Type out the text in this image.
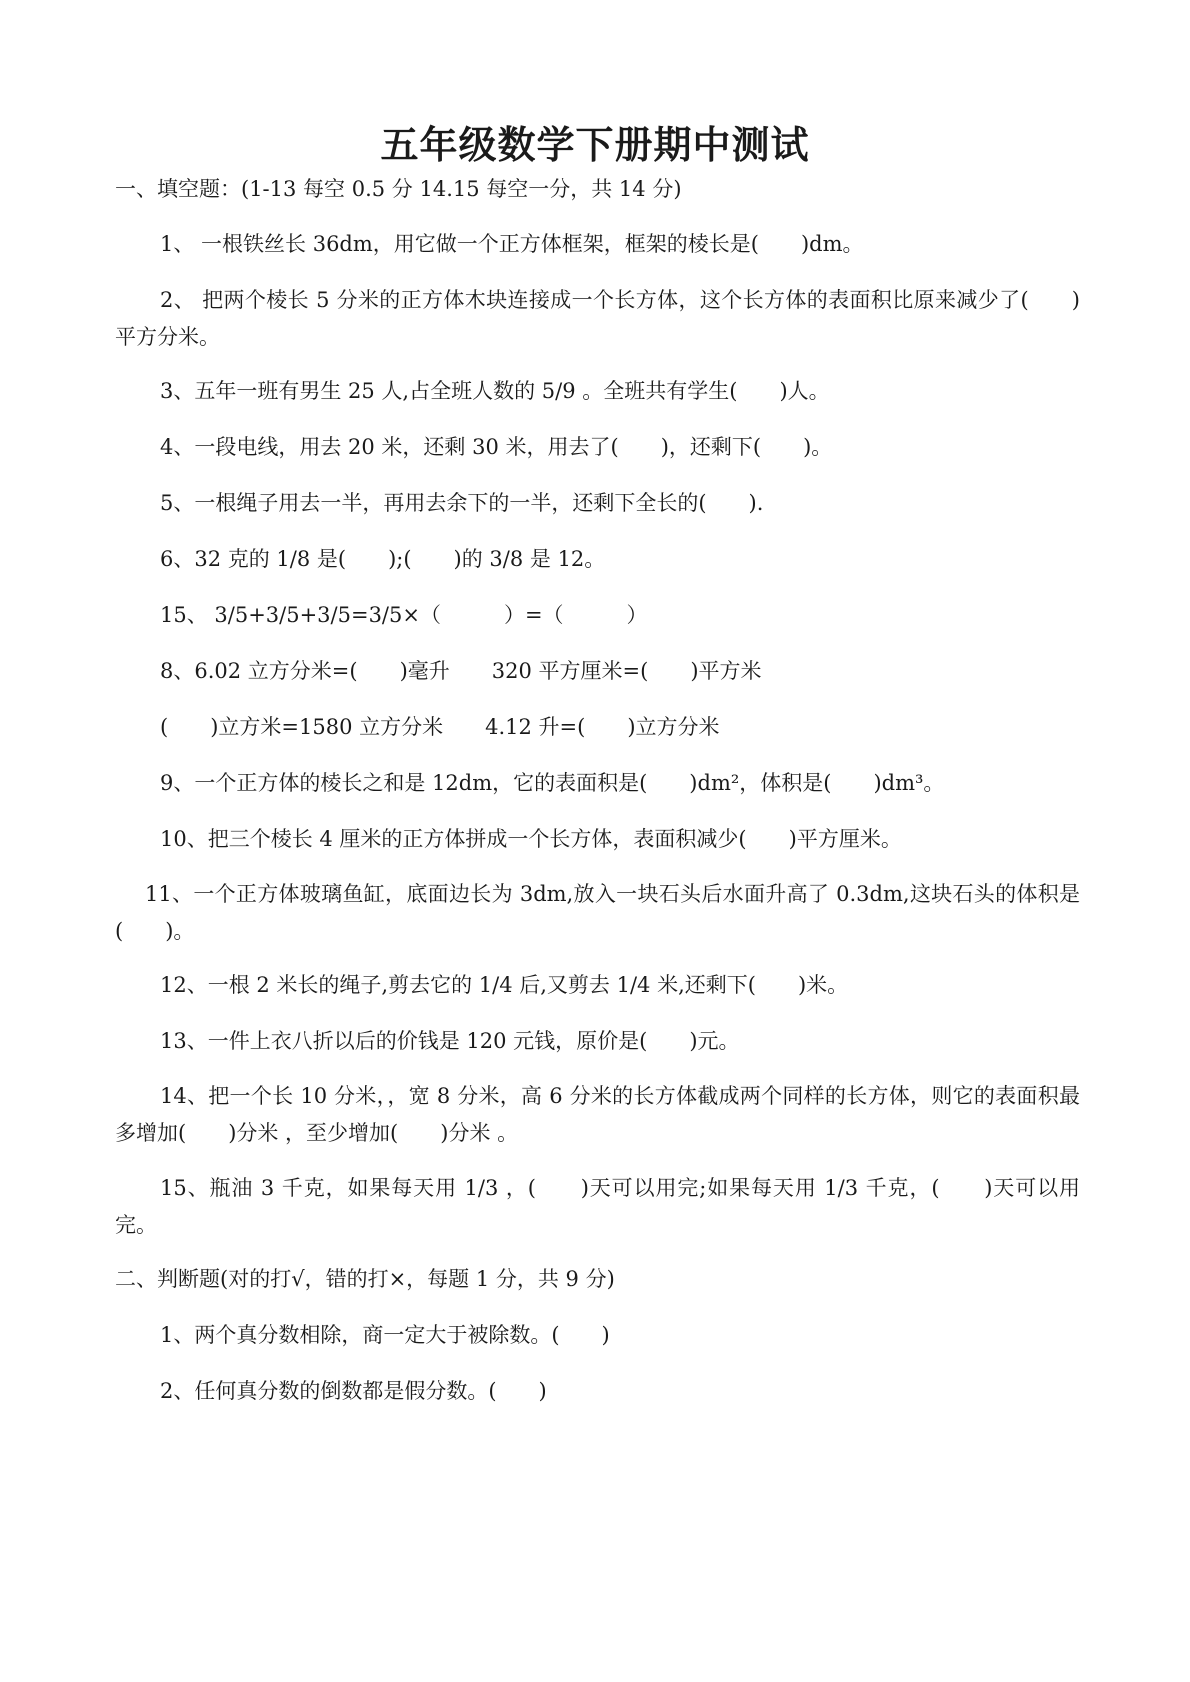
五年级数学下册期中测试
一、填空题：(1-13 每空 0.5 分 14.15 每空一分，共 14 分)
1、 一根铁丝长 36dm，用它做一个正方体框架，框架的棱长是(　　)dm。
2、 把两个棱长 5 分米的正方体木块连接成一个长方体，这个长方体的表面积比原来减少了(　　) 平方分米。
3、五年一班有男生 25 人,占全班人数的 5/9 。全班共有学生(　　)人。
4、一段电线，用去 20 米，还剩 30 米，用去了(　　)，还剩下(　　)。
5、一根绳子用去一半，再用去余下的一半，还剩下全长的(　　).
6、32 克的 1/8 是(　　);(　　)的 3/8 是 12。
15、 3/5+3/5+3/5=3/5×（　　　）=（　　　）
8、6.02 立方分米=(　　)毫升　　320 平方厘米=(　　)平方米
(　　)立方米=1580 立方分米　　4.12 升=(　　)立方分米
9、一个正方体的棱长之和是 12dm，它的表面积是(　　)dm²，体积是(　　)dm³。
10、把三个棱长 4 厘米的正方体拼成一个长方体，表面积减少(　　)平方厘米。
11、一个正方体玻璃鱼缸，底面边长为 3dm,放入一块石头后水面升高了 0.3dm,这块石头的体积是(　　)。
12、一根 2 米长的绳子,剪去它的 1/4 后,又剪去 1/4 米,还剩下(　　)米。
13、一件上衣八折以后的价钱是 120 元钱，原价是(　　)元。
14、把一个长 10 分米，，宽 8 分米，高 6 分米的长方体截成两个同样的长方体，则它的表面积最多增加(　　)分米 ，至少增加(　　)分米 。
15、瓶油 3 千克，如果每天用 1/3 ，(　　)天可以用完;如果每天用 1/3 千克，(　　)天可以用完。
二、判断题(对的打√，错的打×，每题 1 分，共 9 分)
1、两个真分数相除，商一定大于被除数。(　　)
2、任何真分数的倒数都是假分数。(　　)
